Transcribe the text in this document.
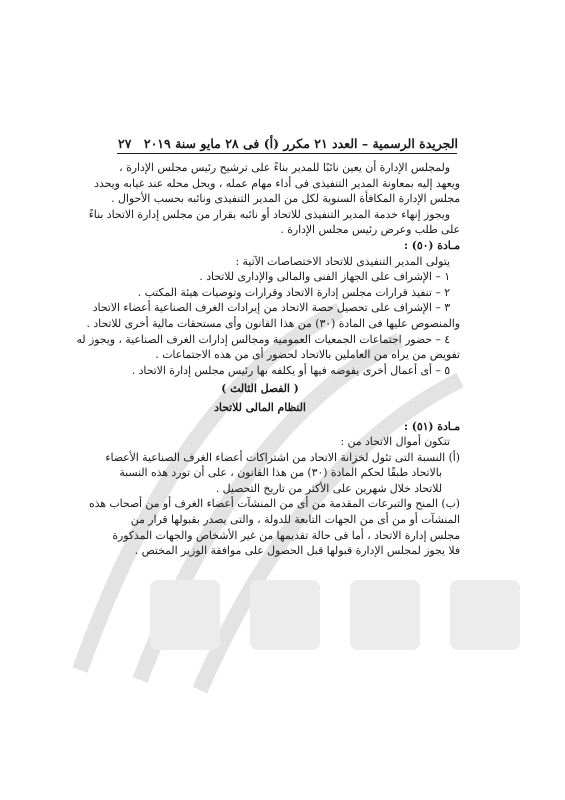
الجريدة الرسمية – العدد ٢١ مكرر (أ) فى ٢٨ مايو سنة ٢٠١٩
٢٧

ولمجلس الإدارة أن يعين نائبًا للمدير بناءً على ترشيح رئيس مجلس الإدارة ،

ويعهد إليه بمعاونة المدير التنفيذى فى أداء مهام عمله ، ويحل محله عند غيابه ويحدد

مجلس الإدارة المكافأة السنوية لكل من المدير التنفيذى ونائبه بحسب الأحوال .

ويجوز إنهاء خدمة المدير التنفيذى للاتحاد أو نائبه بقرار من مجلس إدارة الاتحاد بناءً

على طلب وعرض رئيس مجلس الإدارة .

مـادة (٥٠) :

يتولى المدير التنفيذى للاتحاد الاختصاصات الآتية :

١ – الإشراف على الجهاز الفنى والمالى والإدارى للاتحاد .

٢ – تنفيذ قرارات مجلس إدارة الاتحاد وقرارات وتوصيات هيئة المكتب .

٣ – الإشراف على تحصيل حصة الاتحاد من إيرادات الغرف الصناعية أعضاء الاتحاد

والمنصوص عليها فى المادة (٣٠) من هذا القانون وأى مستحقات مالية أخرى للاتحاد .

٤ – حضور اجتماعات الجمعيات العمومية ومجالس إدارات الغرف الصناعية ، ويجوز له

تفويض من يراه من العاملين بالاتحاد لحضور أى من هذه الاجتماعات .

٥ – أى أعمال أخرى يفوضه فيها أو يكلفه بها رئيس مجلس إدارة الاتحاد .

( الفصل الثالث )

النظام المالى للاتحاد

مـادة (٥١) :

تتكون أموال الاتحاد من :

(أ) النسبة التى تئول لخزانة الاتحاد من اشتراكات أعضاء الغرف الصناعية الأعضاء

بالاتحاد طبقًا لحكم المادة (٣٠) من هذا القانون ، على أن تورد هذه النسبة

للاتحاد خلال شهرين على الأكثر من تاريخ التحصيل .

(ب) المنح والتبرعات المقدمة من أى من المنشآت أعضاء الغرف أو من أصحاب هذه

المنشآت أو من أى من الجهات التابعة للدولة ، والتى يصدر بقبولها قرار من

مجلس إدارة الاتحاد ، أما فى حالة تقديمها من غير الأشخاص والجهات المذكورة

فلا يجوز لمجلس الإدارة قبولها قبل الحصول على موافقة الوزير المختص .
